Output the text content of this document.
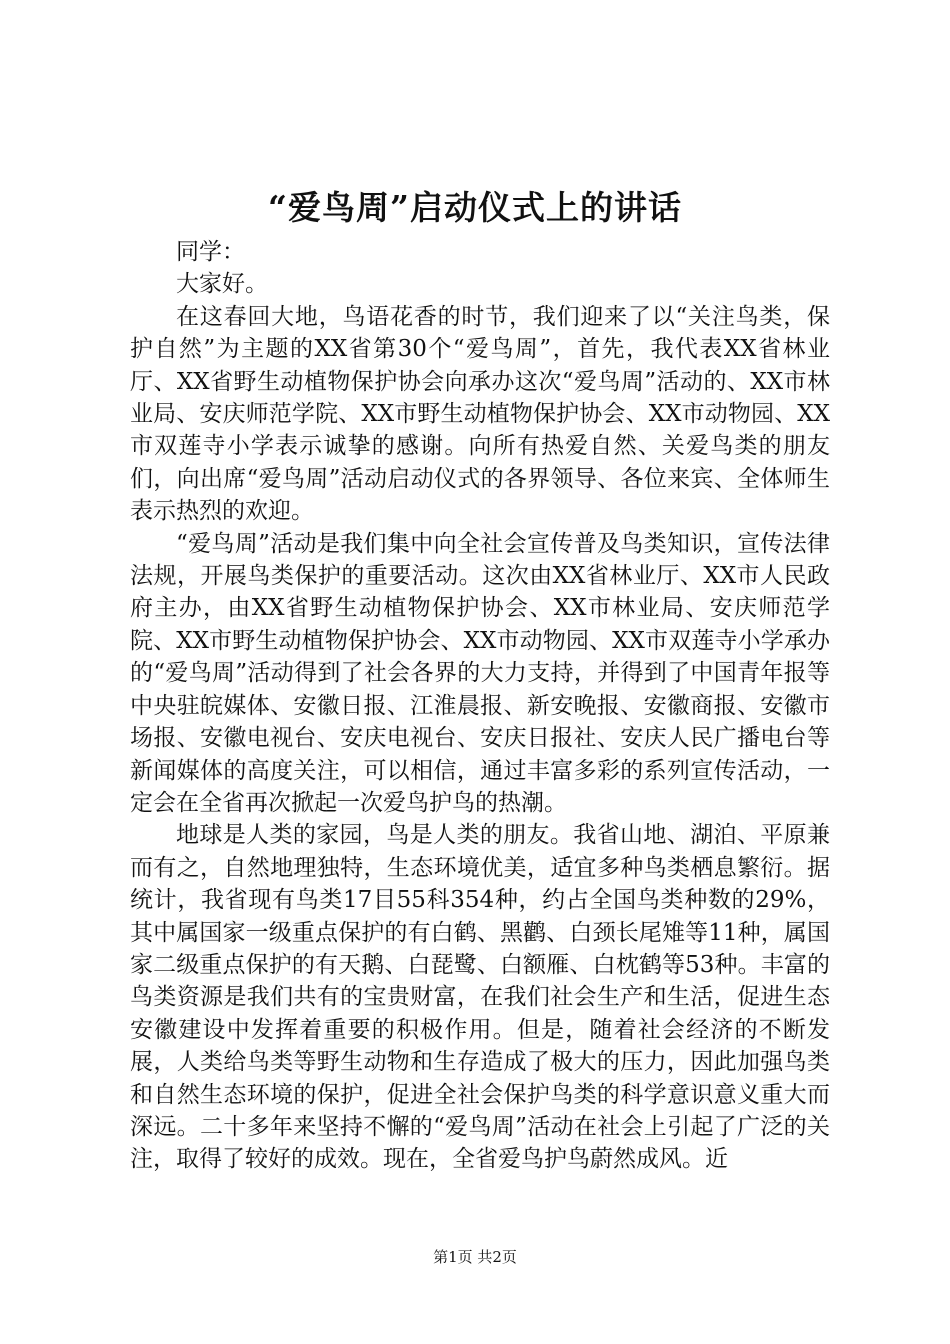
“爱鸟周”启动仪式上的讲话

同学：

大家好。

在这春回大地，鸟语花香的时节，我们迎来了以“关注鸟类，保护自然”为主题的XX省第30个“爱鸟周”，首先，我代表XX省林业厅、XX省野生动植物保护协会向承办这次“爱鸟周”活动的、XX市林业局、安庆师范学院、XX市野生动植物保护协会、XX市动物园、XX市双莲寺小学表示诚挚的感谢。向所有热爱自然、关爱鸟类的朋友们，向出席“爱鸟周”活动启动仪式的各界领导、各位来宾、全体师生表示热烈的欢迎。

“爱鸟周”活动是我们集中向全社会宣传普及鸟类知识，宣传法律法规，开展鸟类保护的重要活动。这次由XX省林业厅、XX市人民政府主办，由XX省野生动植物保护协会、XX市林业局、安庆师范学院、XX市野生动植物保护协会、XX市动物园、XX市双莲寺小学承办的“爱鸟周”活动得到了社会各界的大力支持，并得到了中国青年报等中央驻皖媒体、安徽日报、江淮晨报、新安晚报、安徽商报、安徽市场报、安徽电视台、安庆电视台、安庆日报社、安庆人民广播电台等新闻媒体的高度关注，可以相信，通过丰富多彩的系列宣传活动，一定会在全省再次掀起一次爱鸟护鸟的热潮。

地球是人类的家园，鸟是人类的朋友。我省山地、湖泊、平原兼而有之，自然地理独特，生态环境优美，适宜多种鸟类栖息繁衍。据统计，我省现有鸟类17目55科354种，约占全国鸟类种数的29%，其中属国家一级重点保护的有白鹤、黑鹳、白颈长尾雉等11种，属国家二级重点保护的有天鹅、白琵鹭、白额雁、白枕鹤等53种。丰富的鸟类资源是我们共有的宝贵财富，在我们社会生产和生活，促进生态安徽建设中发挥着重要的积极作用。但是，随着社会经济的不断发展，人类给鸟类等野生动物和生存造成了极大的压力，因此加强鸟类和自然生态环境的保护，促进全社会保护鸟类的科学意识意义重大而深远。二十多年来坚持不懈的“爱鸟周”活动在社会上引起了广泛的关注，取得了较好的成效。现在，全省爱鸟护鸟蔚然成风。近

第1页 共2页
